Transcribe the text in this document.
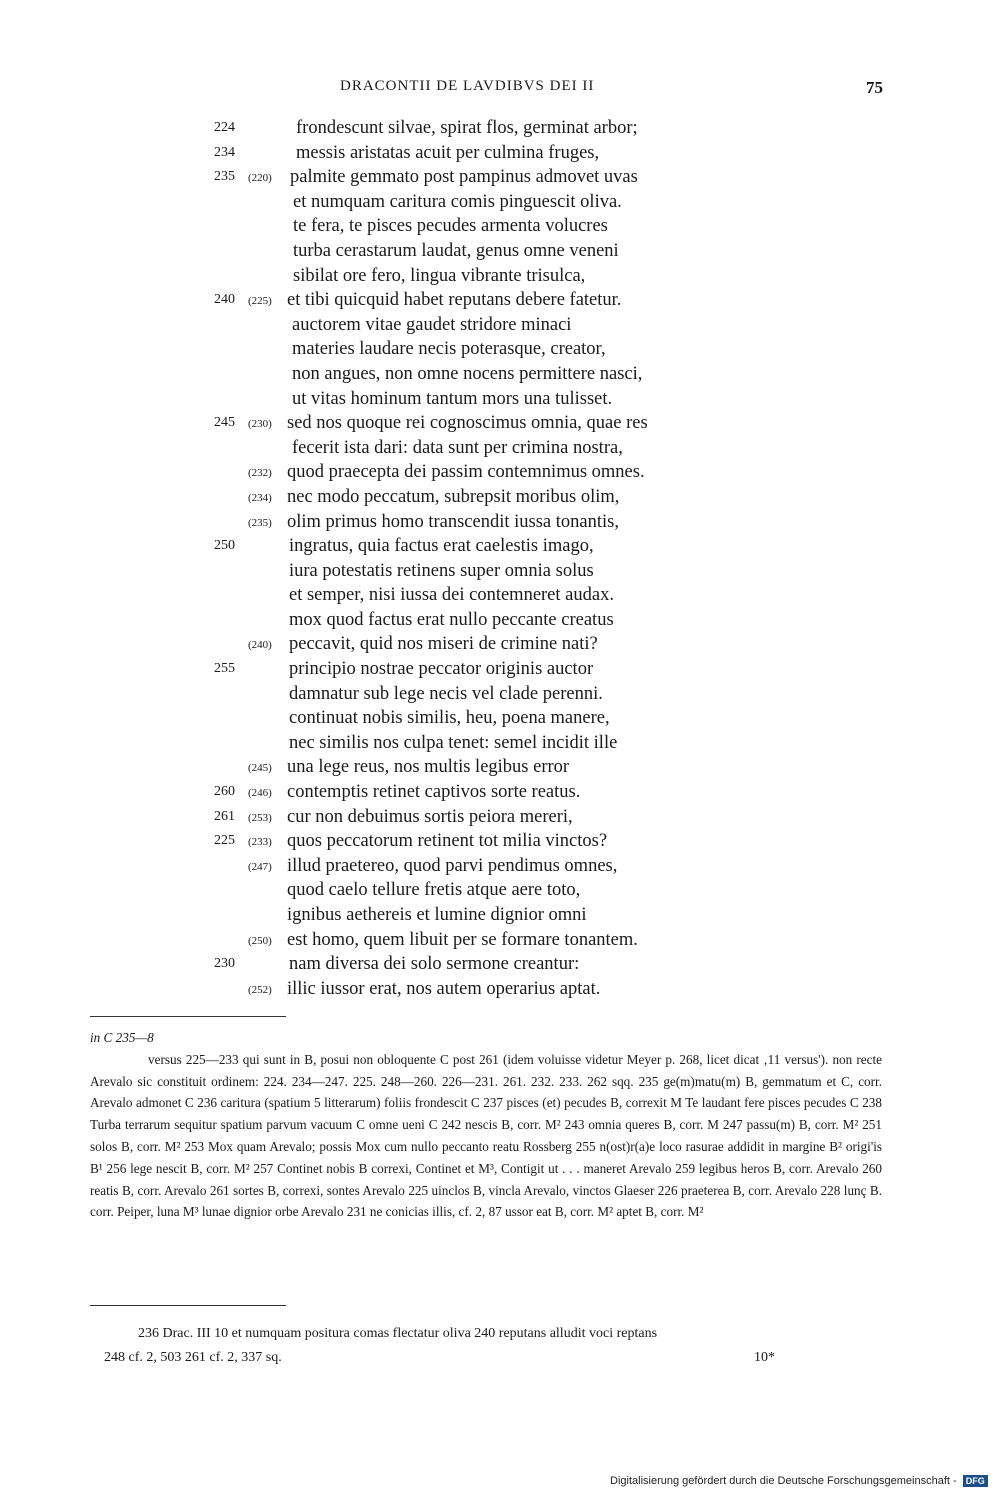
DRACONTII DE LAVDIBVS DEI II	75
224	frondescunt silvae, spirat flos, germinat arbor;
234	messis aristatas acuit per culmina fruges,
235 (220) palmite gemmato post pampinus admovet uvas
et numquam caritura comis pinguescit oliva.
te fera, te pisces pecudes armenta volucres
turba cerastarum laudat, genus omne veneni
sibilat ore fero, lingua vibrante trisulca,
240 (225) et tibi quicquid habet reputans debere fatetur.
auctorem vitae gaudet stridore minaci
materies laudare necis poterasque, creator,
non angues, non omne nocens permittere nasci,
ut vitas hominum tantum mors una tulisset.
245 (230) sed nos quoque rei cognoscimus omnia, quae res
fecerit ista dari: data sunt per crimina nostra,
(232) quod praecepta dei passim contemnimus omnes.
(234) nec modo peccatum, subrepsit moribus olim,
(235) olim primus homo transcendit iussa tonantis,
250	ingratus, quia factus erat caelestis imago,
iura potestatis retinens super omnia solus
et semper, nisi iussa dei contemneret audax.
mox quod factus erat nullo peccante creatus
(240) peccavit, quid nos miseri de crimine nati?
255	principio nostrae peccator originis auctor
damnatur sub lege necis vel clade perenni.
continuat nobis similis, heu, poena manere,
nec similis nos culpa tenet: semel incidit ille
(245) una lege reus, nos multis legibus error
260 (246) contemptis retinet captivos sorte reatus.
261 (253) cur non debuimus sortis peiora mereri,
225 (233) quos peccatorum retinent tot milia vinctos?
(247) illud praetereo, quod parvi pendimus omnes,
quod caelo tellure fretis atque aere toto,
ignibus aethereis et lumine dignior omni
(250) est homo, quem libuit per se formare tonantem.
230	nam diversa dei solo sermone creantur:
(252) illic iussor erat, nos autem operarius aptat.

in C 235—8

versus 225—233 qui sunt in B, posui non obloquente C post 261 (idem voluisse videtur Meyer p. 268, licet dicat ‚11 versus'). non recte Arevalo sic constituit ordinem: 224. 234—247. 225. 248—260. 226—231. 261. 232. 233. 262 sqq. 235 ge(m)matu(m) B, gemmatum et C, corr. Arevalo admonet C 236 caritura (spatium 5 litterarum) foliis frondescit C 237 pisces (et) pecudes B, correxit M Te laudant fere pisces pecudes C 238 Turba terrarum sequitur spatium parvum vacuum C omne ueni C 242 nescis B, corr. M² 243 omnia queres B, corr. M 247 passu(m) B, corr. M² 251 solos B, corr. M² 253 Mox quam Arevalo; possis Mox cum nullo peccanto reatu Rossberg 255 n(ost)r(a)e loco rasurae addidit in margine B² origi'is B¹ 256 lege nescit B, corr. M² 257 Continet nobis B correxi, Continet et M³, Contigit ut . . . maneret Arevalo 259 legibus heros B, corr. Arevalo 260 reatis B, corr. Arevalo 261 sortes B, correxi, sontes Arevalo 225 uinclos B, vincla Arevalo, vinctos Glaeser 226 praeterea B, corr. Arevalo 228 lunç B. corr. Peiper, luna M³ lunae dignior orbe Arevalo 231 ne conicias illis, cf. 2, 87 ussor eat B, corr. M² aptet B, corr. M²

236 Drac. III 10 et numquam positura comas flectatur oliva 240 reputans alludit voci reptans

248 cf. 2, 503 261 cf. 2, 337 sq.	10*

Digitalisierung gefördert durch die Deutsche Forschungsgemeinschaft - DFG
